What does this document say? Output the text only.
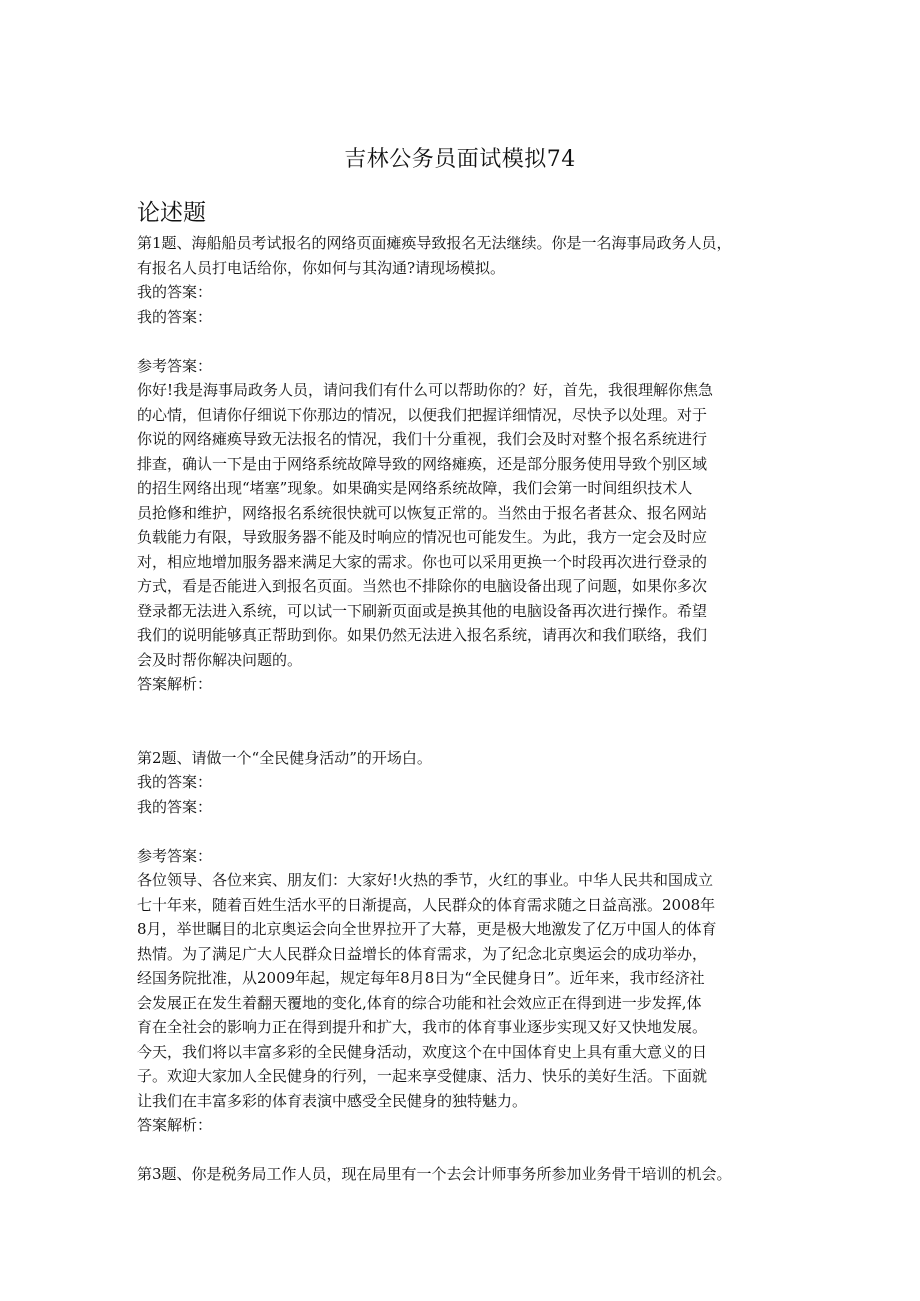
吉林公务员面试模拟74
论述题
第1题、海船船员考试报名的网络页面瘫痪导致报名无法继续。你是一名海事局政务人员，
有报名人员打电话给你，你如何与其沟通?请现场模拟。
我的答案：
我的答案：
参考答案：
你好!我是海事局政务人员，请问我们有什么可以帮助你的？好，首先，我很理解你焦急
的心情，但请你仔细说下你那边的情况，以便我们把握详细情况，尽快予以处理。对于
你说的网络瘫痪导致无法报名的情况，我们十分重视，我们会及时对整个报名系统进行
排查，确认一下是由于网络系统故障导致的网络瘫痪，还是部分服务使用导致个别区域
的招生网络出现“堵塞”现象。如果确实是网络系统故障，我们会第一时间组织技术人
员抢修和维护，网络报名系统很快就可以恢复正常的。当然由于报名者甚众、报名网站
负载能力有限，导致服务器不能及时响应的情况也可能发生。为此，我方一定会及时应
对，相应地增加服务器来满足大家的需求。你也可以采用更换一个时段再次进行登录的
方式，看是否能进入到报名页面。当然也不排除你的电脑设备出现了问题，如果你多次
登录都无法进入系统，可以试一下刷新页面或是换其他的电脑设备再次进行操作。希望
我们的说明能够真正帮助到你。如果仍然无法进入报名系统，请再次和我们联络，我们
会及时帮你解决问题的。
答案解析：
第2题、请做一个“全民健身活动”的开场白。
我的答案：
我的答案：
参考答案：
各位领导、各位来宾、朋友们：大家好!火热的季节，火红的事业。中华人民共和国成立
七十年来，随着百姓生活水平的日渐提高，人民群众的体育需求随之日益高涨。2008年
8月，举世瞩目的北京奥运会向全世界拉开了大幕，更是极大地激发了亿万中国人的体育
热情。为了满足广大人民群众日益增长的体育需求，为了纪念北京奥运会的成功举办，
经国务院批准，从2009年起，规定每年8月8日为“全民健身日”。近年来，我市经济社
会发展正在发生着翻天覆地的变化,体育的综合功能和社会效应正在得到进一步发挥,体
育在全社会的影响力正在得到提升和扩大，我市的体育事业逐步实现又好又快地发展。
今天，我们将以丰富多彩的全民健身活动，欢度这个在中国体育史上具有重大意义的日
子。欢迎大家加人全民健身的行列，一起来享受健康、活力、快乐的美好生活。下面就
让我们在丰富多彩的体育表演中感受全民健身的独特魅力。
答案解析：
第3题、你是税务局工作人员，现在局里有一个去会计师事务所参加业务骨干培训的机会。
